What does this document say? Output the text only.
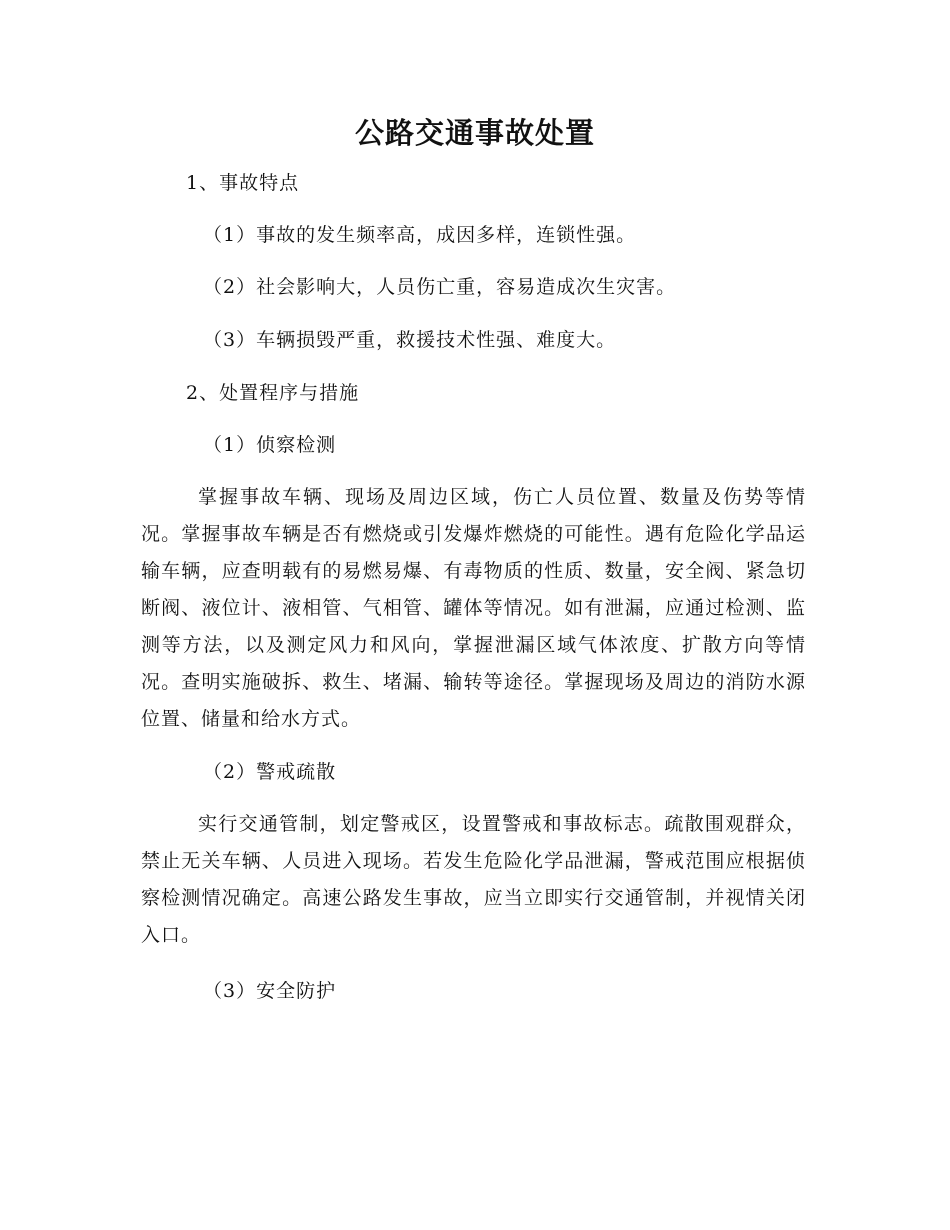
公路交通事故处置

1、事故特点

（1）事故的发生频率高，成因多样，连锁性强。

（2）社会影响大，人员伤亡重，容易造成次生灾害。

（3）车辆损毁严重，救援技术性强、难度大。

2、处置程序与措施

（1）侦察检测

掌握事故车辆、现场及周边区域，伤亡人员位置、数量及伤势等情况。掌握事故车辆是否有燃烧或引发爆炸燃烧的可能性。遇有危险化学品运输车辆，应查明载有的易燃易爆、有毒物质的性质、数量，安全阀、紧急切断阀、液位计、液相管、气相管、罐体等情况。如有泄漏，应通过检测、监测等方法，以及测定风力和风向，掌握泄漏区域气体浓度、扩散方向等情况。查明实施破拆、救生、堵漏、输转等途径。掌握现场及周边的消防水源位置、储量和给水方式。

（2）警戒疏散

实行交通管制，划定警戒区，设置警戒和事故标志。疏散围观群众，禁止无关车辆、人员进入现场。若发生危险化学品泄漏，警戒范围应根据侦察检测情况确定。高速公路发生事故，应当立即实行交通管制，并视情关闭入口。

（3）安全防护
